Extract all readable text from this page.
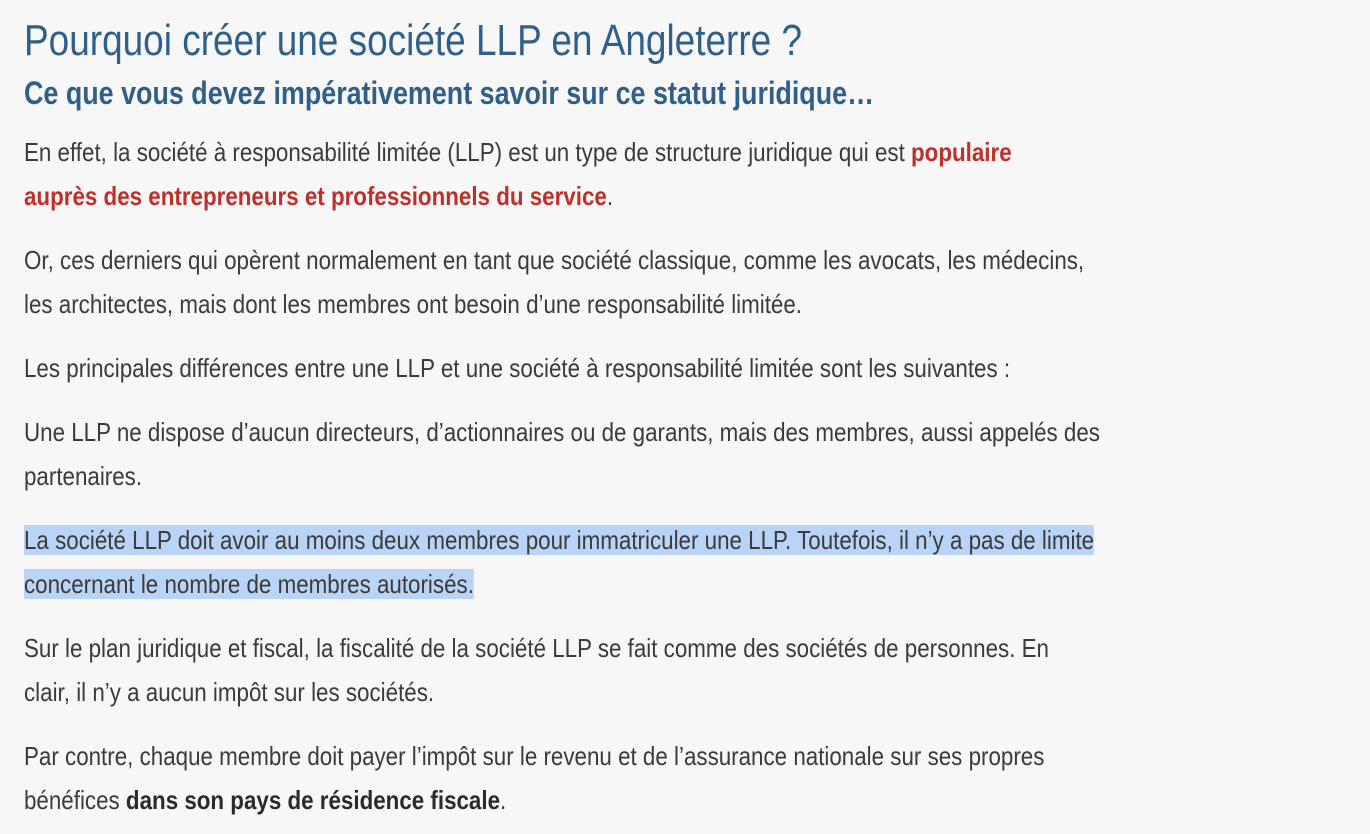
Pourquoi créer une société LLP en Angleterre ?
Ce que vous devez impérativement savoir sur ce statut juridique…

En effet, la société à responsabilité limitée (LLP) est un type de structure juridique qui est populaire
auprès des entrepreneurs et professionnels du service.

Or, ces derniers qui opèrent normalement en tant que société classique, comme les avocats, les médecins,
les architectes, mais dont les membres ont besoin d’une responsabilité limitée.

Les principales différences entre une LLP et une société à responsabilité limitée sont les suivantes :

Une LLP ne dispose d’aucun directeurs, d’actionnaires ou de garants, mais des membres, aussi appelés des
partenaires.

La société LLP doit avoir au moins deux membres pour immatriculer une LLP. Toutefois, il n’y a pas de limite
concernant le nombre de membres autorisés.

Sur le plan juridique et fiscal, la fiscalité de la société LLP se fait comme des sociétés de personnes. En
clair, il n’y a aucun impôt sur les sociétés.

Par contre, chaque membre doit payer l’impôt sur le revenu et de l’assurance nationale sur ses propres
bénéfices dans son pays de résidence fiscale.
